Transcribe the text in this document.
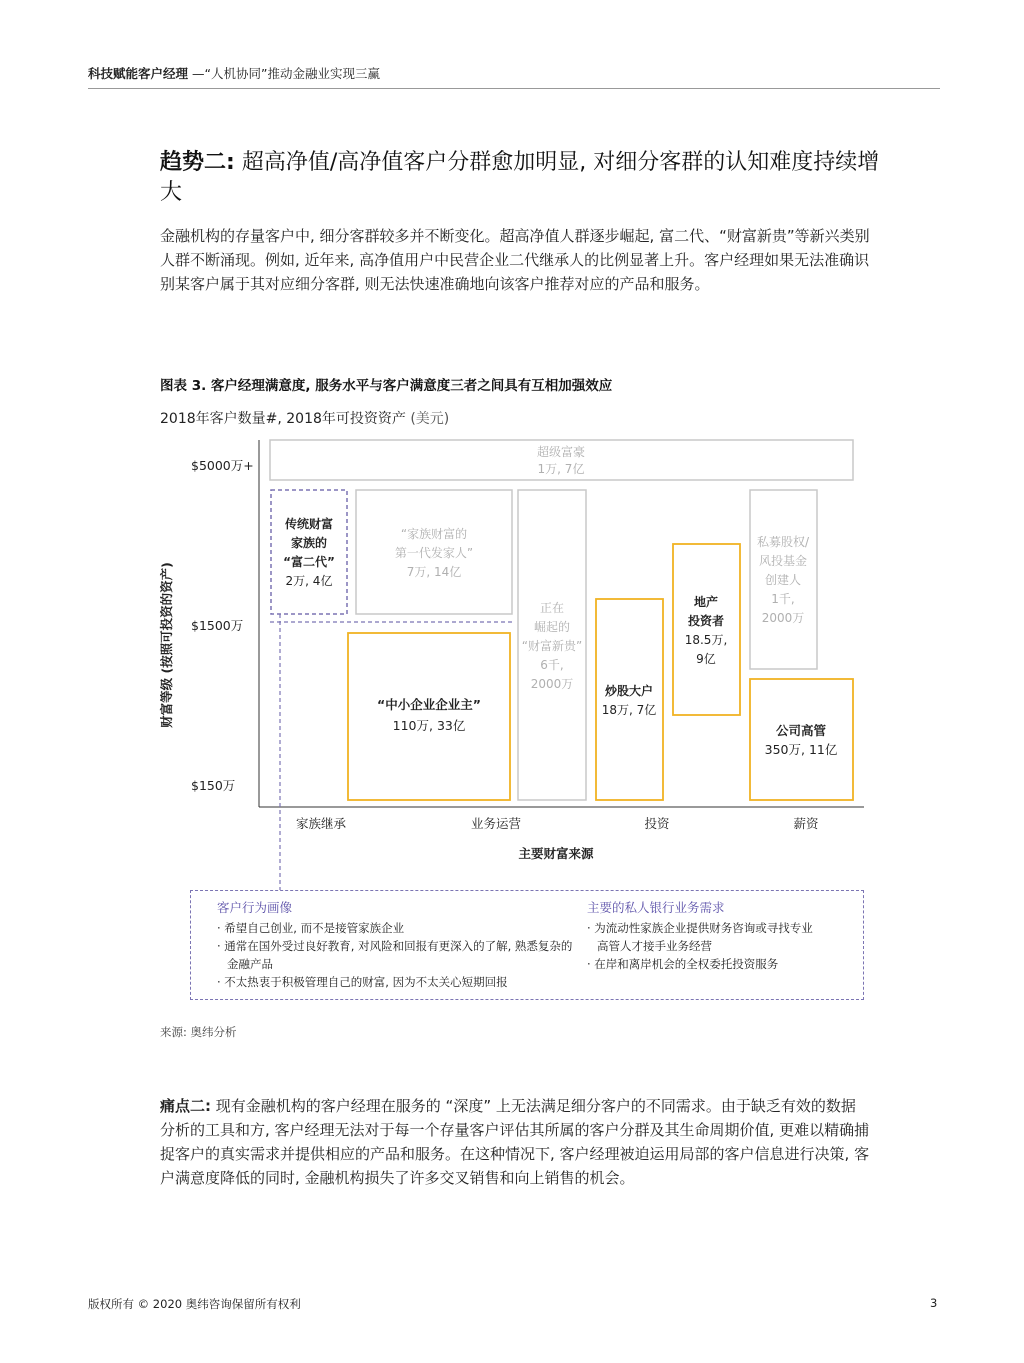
科技赋能客户经理 —“人机协同”推动金融业实现三赢
趋势二: 超高净值/高净值客户分群愈加明显, 对细分客群的认知难度持续增大
金融机构的存量客户中, 细分客群较多并不断变化。超高净值人群逐步崛起, 富二代、“财富新贵”等新兴类别人群不断涌现。例如, 近年来, 高净值用户中民营企业二代继承人的比例显著上升。客户经理如果无法准确识别某客户属于其对应细分客群, 则无法快速准确地向该客户推荐对应的产品和服务。
图表 3. 客户经理满意度, 服务水平与客户满意度三者之间具有互相加强效应
2018年客户数量#, 2018年可投资资产 (美元)
财富等级 (按照可投资的资产)
$5000万+
$1500万
$150万
家族继承	业务运营	投资	薪资
主要财富来源
超级富豪
1万, 7亿
传统财富
家族的
“富二代”
2万, 4亿
“家族财富的
第一代发家人”
7万, 14亿
“中小企业企业主”
110万, 33亿
正在
崛起的
“财富新贵”
6千,
2000万	炒股大户
18万, 7亿
地产
投资者
18.5万,
9亿
私募股权/
风投基金
创建人
1千,
2000万
公司高管
350万, 11亿
客户行为画像
· 希望自己创业, 而不是接管家族企业
· 通常在国外受过良好教育, 对风险和回报有更深入的了解, 熟悉复杂的金融产品
· 不太热衷于积极管理自己的财富, 因为不太关心短期回报
主要的私人银行业务需求
· 为流动性家族企业提供财务咨询或寻找专业高管人才接手业务经营
· 在岸和离岸机会的全权委托投资服务
来源: 奥纬分析
痛点二: 现有金融机构的客户经理在服务的 “深度” 上无法满足细分客户的不同需求。由于缺乏有效的数据分析的工具和方, 客户经理无法对于每一个存量客户评估其所属的客户分群及其生命周期价值, 更难以精确捕捉客户的真实需求并提供相应的产品和服务。在这种情况下, 客户经理被迫运用局部的客户信息进行决策, 客户满意度降低的同时, 金融机构损失了许多交叉销售和向上销售的机会。
版权所有 © 2020 奥纬咨询保留所有权利	3
